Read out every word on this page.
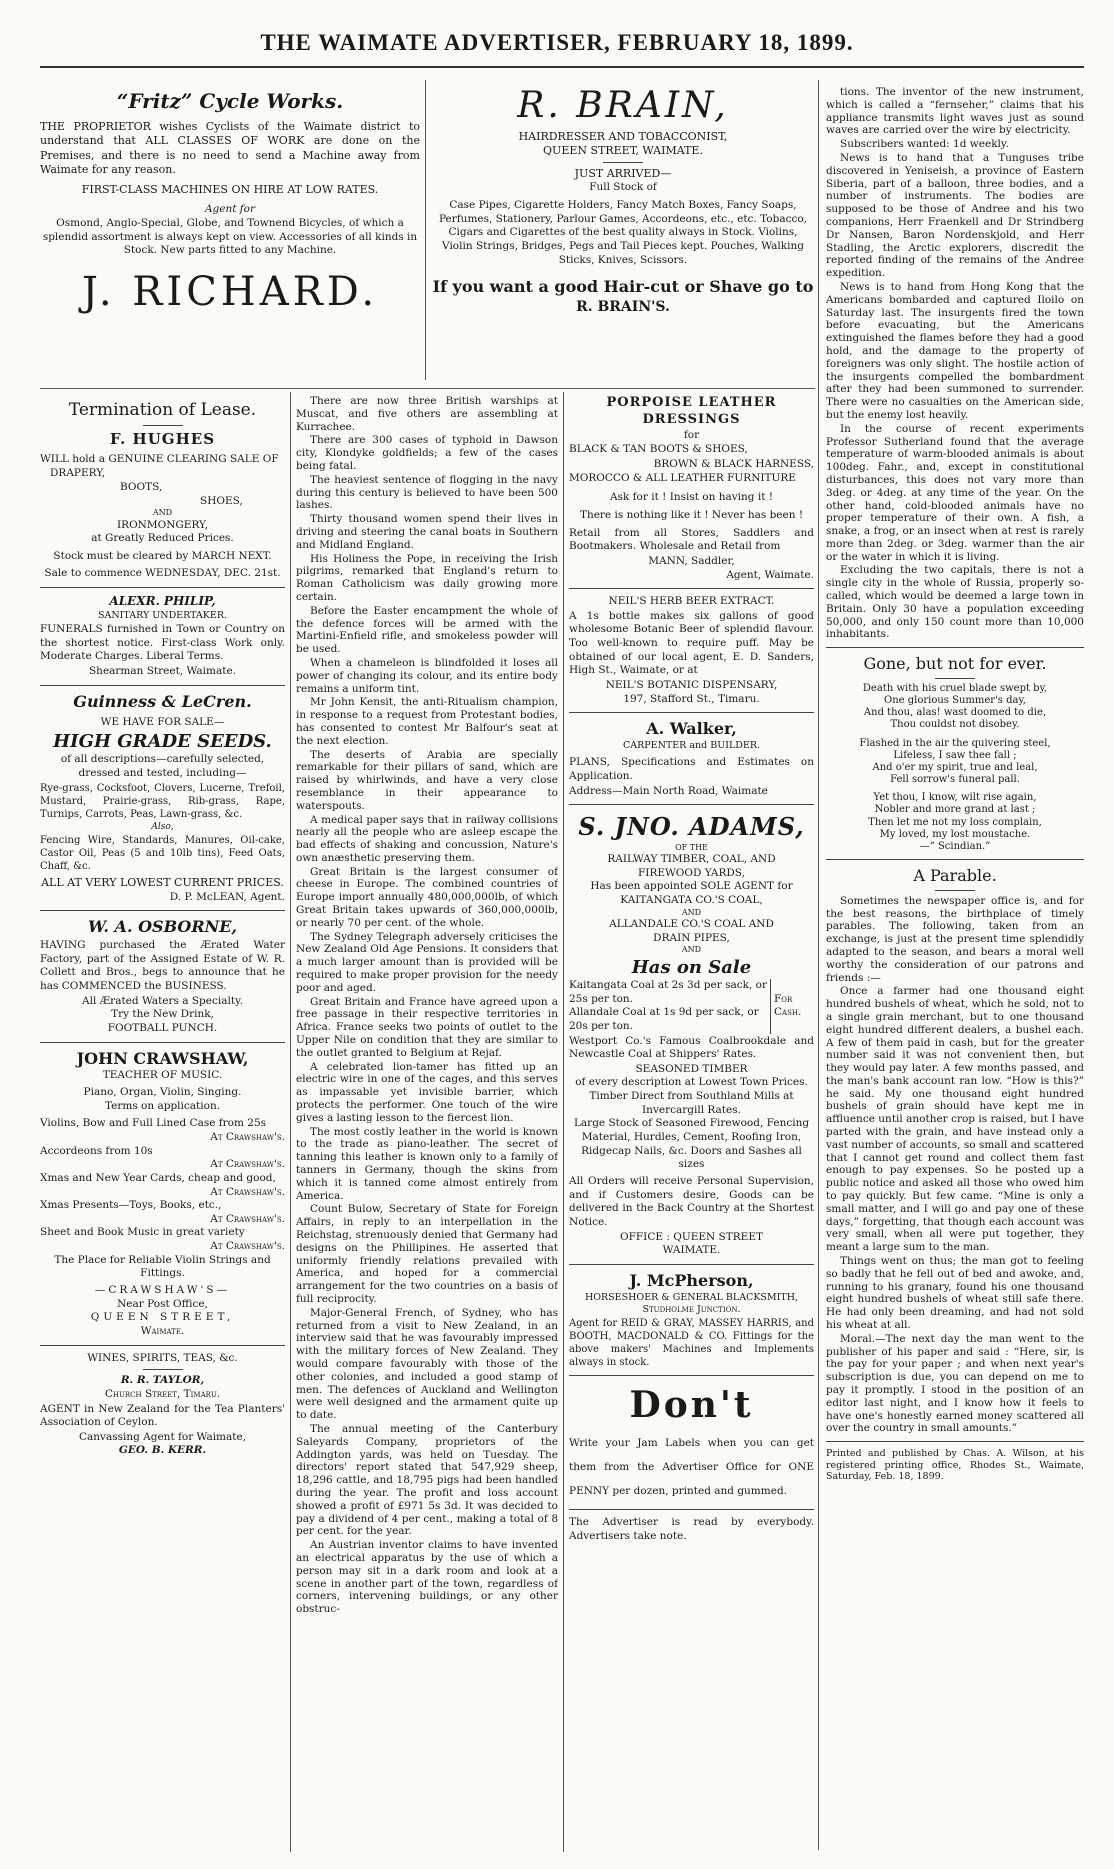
THE WAIMATE ADVERTISER, FEBRUARY 18, 1899.
“Fritz” Cycle Works.
THE PROPRIETOR wishes Cyclists of the Waimate district to understand that ALL CLASSES OF WORK are done on the Premises, and there is no need to send a Machine away from Waimate for any reason.
FIRST-CLASS MACHINES ON HIRE AT LOW RATES.
Agent for
Osmond, Anglo-Special, Globe, and Townend Bicycles, of which a splendid assortment is always kept on view. Accessories of all kinds in Stock. New parts fitted to any Machine.
J. RICHARD.
R. BRAIN,
HAIRDRESSER AND TOBACCONIST,
QUEEN STREET, WAIMATE.
JUST ARRIVED—
Full Stock of
Case Pipes, Cigarette Holders, Fancy Match Boxes, Fancy Soaps, Perfumes, Stationery, Parlour Games, Accordeons, etc., etc. Tobacco, Cigars and Cigarettes of the best quality always in Stock. Violins, Violin Strings, Bridges, Pegs and Tail Pieces kept. Pouches, Walking Sticks, Knives, Scissors.
If you want a good Hair-cut or Shave go to
R. BRAIN'S.
Termination of Lease.
F. HUGHES
WILL hold a GENUINE CLEARING SALE OF
DRAPERY,
BOOTS,
SHOES,
AND
IRONMONGERY,
at Greatly Reduced Prices.
Stock must be cleared by MARCH NEXT.
Sale to commence WEDNESDAY, DEC. 21st.
ALEXR. PHILIP,
SANITARY UNDERTAKER.
FUNERALS furnished in Town or Country on the shortest notice. First-class Work only. Moderate Charges. Liberal Terms.
Shearman Street, Waimate.
Guinness & LeCren.
WE HAVE FOR SALE—
HIGH GRADE SEEDS.
of all descriptions—carefully selected, dressed and tested, including—
Rye-grass, Cocksfoot, Clovers, Lucerne, Trefoil, Mustard, Prairie-grass, Rib-grass, Rape, Turnips, Carrots, Peas, Lawn-grass, &c.
Also,
Fencing Wire, Standards, Manures, Oil-cake, Castor Oil, Peas (5 and 10lb tins), Feed Oats, Chaff, &c.
ALL AT VERY LOWEST CURRENT PRICES.
D. P. McLEAN, Agent.
W. A. OSBORNE,
HAVING purchased the Ærated Water Factory, part of the Assigned Estate of W. R. Collett and Bros., begs to announce that he has COMMENCED the BUSINESS.
All Ærated Waters a Specialty.
Try the New Drink,
FOOTBALL PUNCH.
JOHN CRAWSHAW,
TEACHER OF MUSIC.
Piano, Organ, Violin, Singing.
Terms on application.
Violins, Bow and Full Lined Case from 25s
At Crawshaw's.
Accordeons from 10s
At Crawshaw's.
Xmas and New Year Cards, cheap and good,
At Crawshaw's.
Xmas Presents—Toys, Books, etc.,
At Crawshaw's.
Sheet and Book Music in great variety
At Crawshaw's.
The Place for Reliable Violin Strings and Fittings.
—CRAWSHAW'S—
Near Post Office,
QUEEN STREET,
Waimate.
WINES, SPIRITS, TEAS, &c.
R. R. TAYLOR,
Church Street, Timaru.
AGENT in New Zealand for the Tea Planters' Association of Ceylon.
Canvassing Agent for Waimate,
GEO. B. KERR.
There are now three British warships at Muscat, and five others are assembling at Kurrachee.
There are 300 cases of typhoid in Dawson city, Klondyke goldfields; a few of the cases being fatal.
The heaviest sentence of flogging in the navy during this century is believed to have been 500 lashes.
Thirty thousand women spend their lives in driving and steering the canal boats in Southern and Midland England.
His Holiness the Pope, in receiving the Irish pilgrims, remarked that England's return to Roman Catholicism was daily growing more certain.
Before the Easter encampment the whole of the defence forces will be armed with the Martini-Enfield rifle, and smokeless powder will be used.
When a chameleon is blindfolded it loses all power of changing its colour, and its entire body remains a uniform tint.
Mr John Kensit, the anti-Ritualism champion, in response to a request from Protestant bodies, has consented to contest Mr Balfour's seat at the next election.
The deserts of Arabia are specially remarkable for their pillars of sand, which are raised by whirlwinds, and have a very close resemblance in their appearance to waterspouts.
A medical paper says that in railway collisions nearly all the people who are asleep escape the bad effects of shaking and concussion, Nature's own anæsthetic preserving them.
Great Britain is the largest consumer of cheese in Europe. The combined countries of Europe import annually 480,000,000lb, of which Great Britain takes upwards of 360,000,000lb, or nearly 70 per cent. of the whole.
The Sydney Telegraph adversely criticises the New Zealand Old Age Pensions. It considers that a much larger amount than is provided will be required to make proper provision for the needy poor and aged.
Great Britain and France have agreed upon a free passage in their respective territories in Africa. France seeks two points of outlet to the Upper Nile on condition that they are similar to the outlet granted to Belgium at Rejaf.
A celebrated lion-tamer has fitted up an electric wire in one of the cages, and this serves as impassable yet invisible barrier, which protects the performer. One touch of the wire gives a lasting lesson to the fiercest lion.
The most costly leather in the world is known to the trade as piano-leather. The secret of tanning this leather is known only to a family of tanners in Germany, though the skins from which it is tanned come almost entirely from America.
Count Bulow, Secretary of State for Foreign Affairs, in reply to an interpellation in the Reichstag, strenuously denied that Germany had designs on the Phillipines. He asserted that uniformly friendly relations prevailed with America, and hoped for a commercial arrangement for the two countries on a basis of full reciprocity.
Major-General French, of Sydney, who has returned from a visit to New Zealand, in an interview said that he was favourably impressed with the military forces of New Zealand. They would compare favourably with those of the other colonies, and included a good stamp of men. The defences of Auckland and Wellington were well designed and the armament quite up to date.
The annual meeting of the Canterbury Saleyards Company, proprietors of the Addington yards, was held on Tuesday. The directors' report stated that 547,929 sheep, 18,296 cattle, and 18,795 pigs had been handled during the year. The profit and loss account showed a profit of £971 5s 3d. It was decided to pay a dividend of 4 per cent., making a total of 8 per cent. for the year.
An Austrian inventor claims to have invented an electrical apparatus by the use of which a person may sit in a dark room and look at a scene in another part of the town, regardless of corners, intervening buildings, or any other obstruc-
PORPOISE LEATHER DRESSINGS
for
BLACK & TAN BOOTS & SHOES,
BROWN & BLACK HARNESS,
MOROCCO & ALL LEATHER FURNITURE
Ask for it ! Insist on having it !
There is nothing like it ! Never has been !
Retail from all Stores, Saddlers and Bootmakers. Wholesale and Retail from
MANN, Saddler,
Agent, Waimate.
NEIL'S HERB BEER EXTRACT.
A 1s bottle makes six gallons of good wholesome Botanic Beer of splendid flavour. Too well-known to require puff. May be obtained of our local agent, E. D. Sanders, High St., Waimate, or at
NEIL'S BOTANIC DISPENSARY,
197, Stafford St., Timaru.
A. Walker,
CARPENTER and BUILDER.
PLANS, Specifications and Estimates on Application.
Address—Main North Road, Waimate
S. JNO. ADAMS,
OF THE
RAILWAY TIMBER, COAL, AND
FIREWOOD YARDS,
Has been appointed SOLE AGENT for
KAITANGATA CO.'S COAL,
AND
ALLANDALE CO.'S COAL AND
DRAIN PIPES,
AND
Has on Sale
Kaitangata Coal at 2s 3d per sack, or 25s per ton.
Allandale Coal at 1s 9d per sack, or 20s per ton.
For Cash.
Westport Co.'s Famous Coalbrookdale and Newcastle Coal at Shippers' Rates.
SEASONED TIMBER
of every description at Lowest Town Prices.
Timber Direct from Southland Mills at Invercargill Rates.
Large Stock of Seasoned Firewood, Fencing Material, Hurdles, Cement, Roofing Iron, Ridgecap Nails, &c. Doors and Sashes all sizes
All Orders will receive Personal Supervision, and if Customers desire, Goods can be delivered in the Back Country at the Shortest Notice.
OFFICE : QUEEN STREET
WAIMATE.
J. McPherson,
HORSESHOER & GENERAL BLACKSMITH,
Studholme Junction.
Agent for REID & GRAY, MASSEY HARRIS, and BOOTH, MACDONALD & CO. Fittings for the above makers' Machines and Implements always in stock.
Don't
Write your Jam Labels when you can get them from the Advertiser Office for ONE PENNY per dozen, printed and gummed.
The Advertiser is read by everybody. Advertisers take note.
tions. The inventor of the new instrument, which is called a “fernseher,” claims that his appliance transmits light waves just as sound waves are carried over the wire by electricity.
Subscribers wanted: 1d weekly.
News is to hand that a Tunguses tribe discovered in Yeniseish, a province of Eastern Siberia, part of a balloon, three bodies, and a number of instruments. The bodies are supposed to be those of Andree and his two companions, Herr Fraenkell and Dr Strindberg Dr Nansen, Baron Nordenskjold, and Herr Stadling, the Arctic explorers, discredit the reported finding of the remains of the Andree expedition.
News is to hand from Hong Kong that the Americans bombarded and captured Iloilo on Saturday last. The insurgents fired the town before evacuating, but the Americans extinguished the flames before they had a good hold, and the damage to the property of foreigners was only slight. The hostile action of the insurgents compelled the bombardment after they had been summoned to surrender. There were no casualties on the American side, but the enemy lost heavily.
In the course of recent experiments Professor Sutherland found that the average temperature of warm-blooded animals is about 100deg. Fahr., and, except in constitutional disturbances, this does not vary more than 3deg. or 4deg. at any time of the year. On the other hand, cold-blooded animals have no proper temperature of their own. A fish, a snake, a frog, or an insect when at rest is rarely more than 2deg. or 3deg. warmer than the air or the water in which it is living.
Excluding the two capitals, there is not a single city in the whole of Russia, properly so-called, which would be deemed a large town in Britain. Only 30 have a population exceeding 50,000, and only 150 count more than 10,000 inhabitants.
Gone, but not for ever.
Death with his cruel blade swept by,
One glorious Summer's day,
And thou, alas! wast doomed to die,
Thou couldst not disobey.
Flashed in the air the quivering steel,
Lifeless, I saw thee fall ;
And o'er my spirit, true and leal,
Fell sorrow's funeral pall.
Yet thou, I know, wilt rise again,
Nobler and more grand at last ;
Then let me not my loss complain,
My loved, my lost moustache.
—“ Scindian.”
A Parable.
Sometimes the newspaper office is, and for the best reasons, the birthplace of timely parables. The following, taken from an exchange, is just at the present time splendidly adapted to the season, and bears a moral well worthy the consideration of our patrons and friends :—
Once a farmer had one thousand eight hundred bushels of wheat, which he sold, not to a single grain merchant, but to one thousand eight hundred different dealers, a bushel each. A few of them paid in cash, but for the greater number said it was not convenient then, but they would pay later. A few months passed, and the man's bank account ran low. “How is this?” he said. My one thousand eight hundred bushels of grain should have kept me in affluence until another crop is raised, but I have parted with the grain, and have instead only a vast number of accounts, so small and scattered that I cannot get round and collect them fast enough to pay expenses. So he posted up a public notice and asked all those who owed him to pay quickly. But few came. “Mine is only a small matter, and I will go and pay one of these days,” forgetting, that though each account was very small, when all were put together, they meant a large sum to the man.
Things went on thus; the man got to feeling so badly that he fell out of bed and awoke, and, running to his granary, found his one thousand eight hundred bushels of wheat still safe there. He had only been dreaming, and had not sold his wheat at all.
Moral.—The next day the man went to the publisher of his paper and said : “Here, sir, is the pay for your paper ; and when next year's subscription is due, you can depend on me to pay it promptly. I stood in the position of an editor last night, and I know how it feels to have one's honestly earned money scattered all over the country in small amounts.”
Printed and published by Chas. A. Wilson, at his registered printing office, Rhodes St., Waimate, Saturday, Feb. 18, 1899.
